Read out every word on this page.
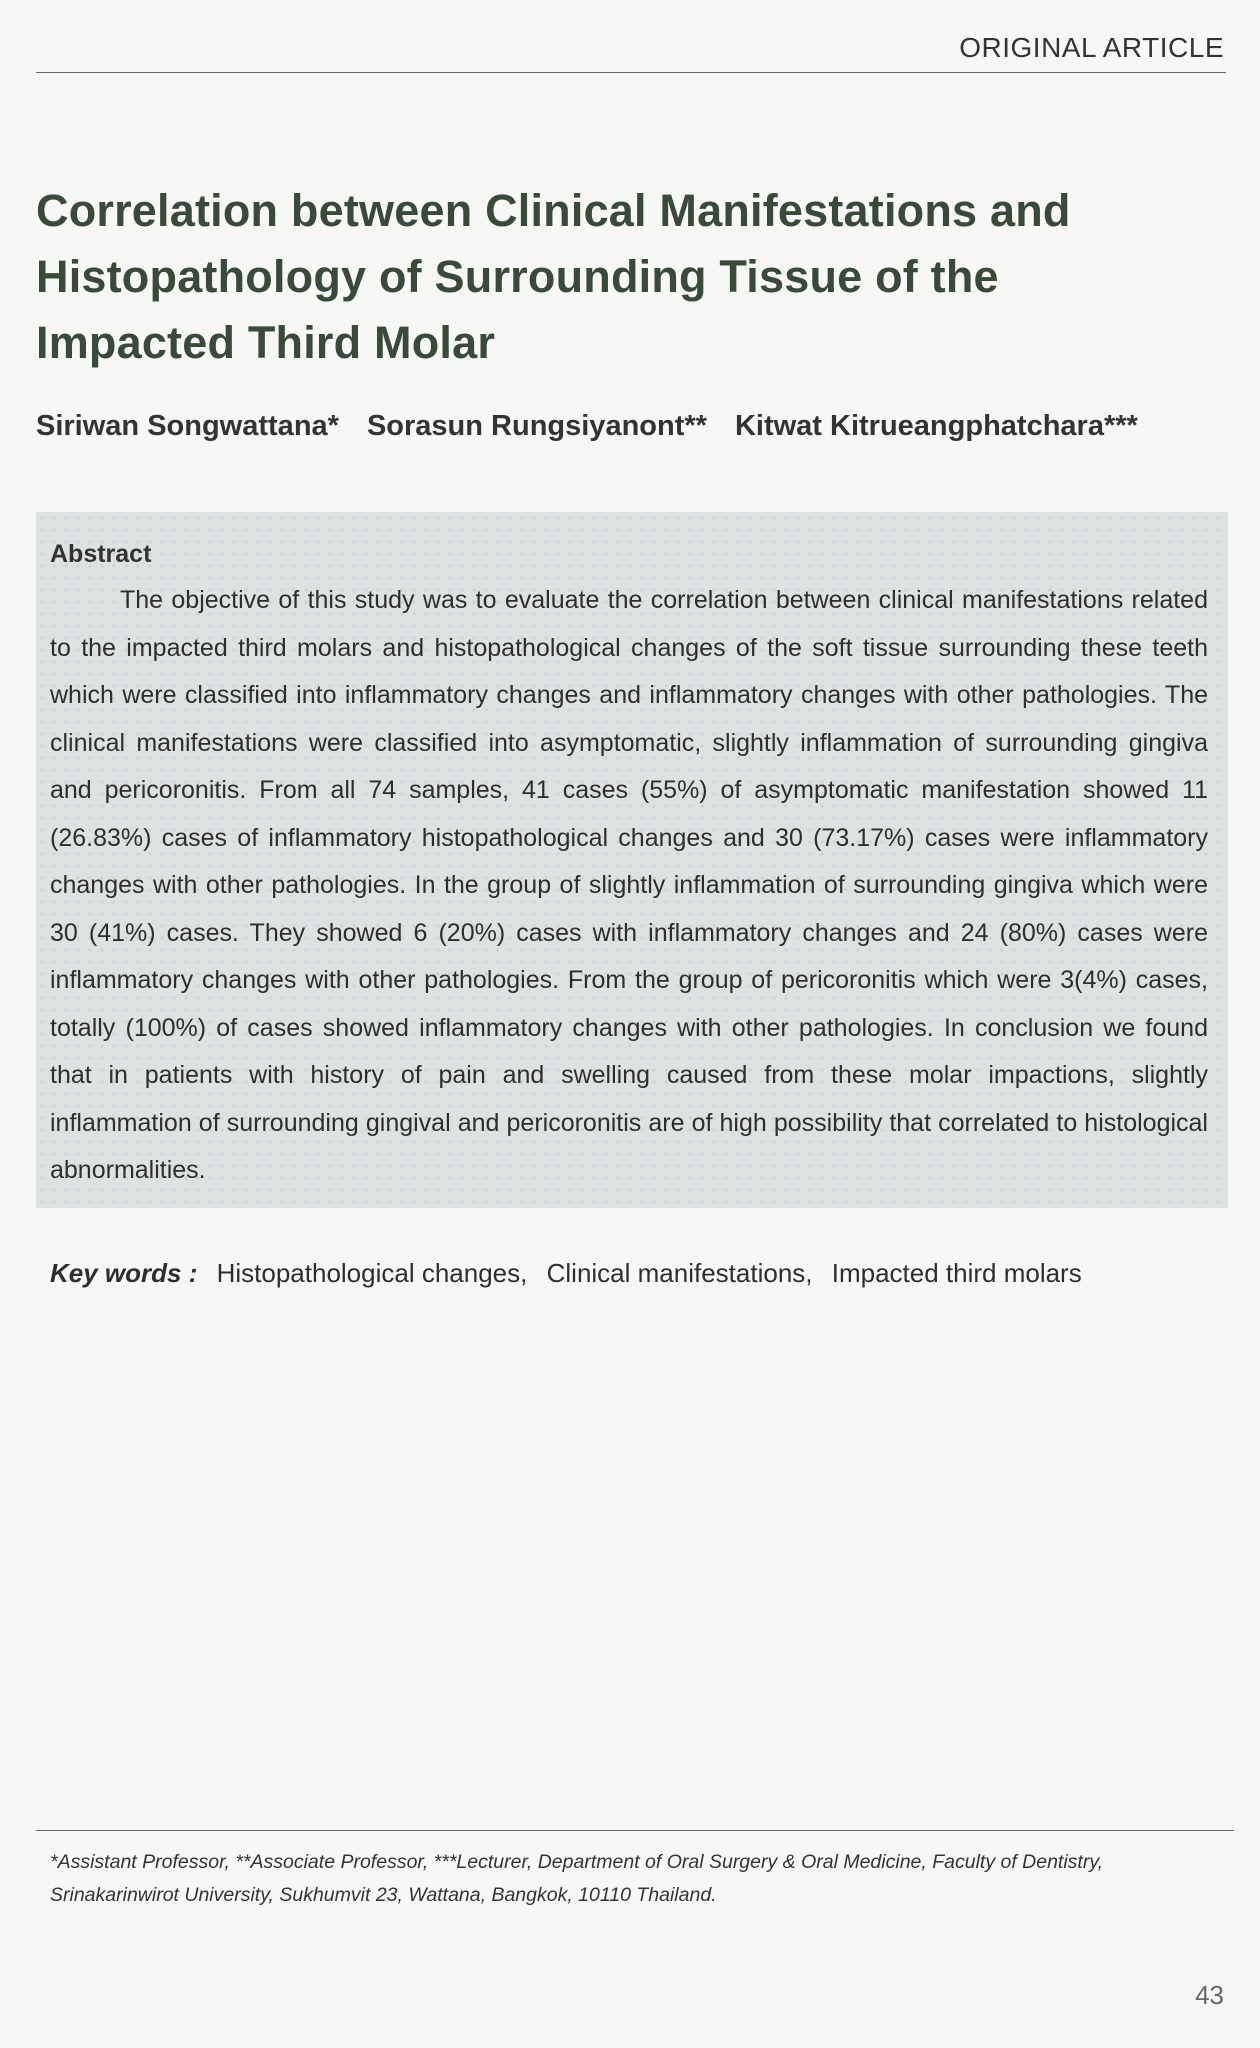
ORIGINAL ARTICLE
Correlation between Clinical Manifestations and Histopathology of Surrounding Tissue of the Impacted Third Molar
Siriwan Songwattana* Sorasun Rungsiyanont** Kitwat Kitrueangphatchara***
Abstract

The objective of this study was to evaluate the correlation between clinical manifestations related to the impacted third molars and histopathological changes of the soft tissue surrounding these teeth which were classified into inflammatory changes and inflammatory changes with other pathologies. The clinical manifestations were classified into asymptomatic, slightly inflammation of surrounding gingiva and pericoronitis. From all 74 samples, 41 cases (55%) of asymptomatic manifestation showed 11 (26.83%) cases of inflammatory histopathological changes and 30 (73.17%) cases were inflammatory changes with other pathologies. In the group of slightly inflammation of surrounding gingiva which were 30 (41%) cases. They showed 6 (20%) cases with inflammatory changes and 24 (80%) cases were inflammatory changes with other pathologies. From the group of pericoronitis which were 3(4%) cases, totally (100%) of cases showed inflammatory changes with other pathologies. In conclusion we found that in patients with history of pain and swelling caused from these molar impactions, slightly inflammation of surrounding gingival and pericoronitis are of high possibility that correlated to histological abnormalities.

Key words : Histopathological changes, Clinical manifestations, Impacted third molars

*Assistant Professor, **Associate Professor, ***Lecturer, Department of Oral Surgery & Oral Medicine, Faculty of Dentistry, Srinakarinwirot University, Sukhumvit 23, Wattana, Bangkok, 10110 Thailand.

43
